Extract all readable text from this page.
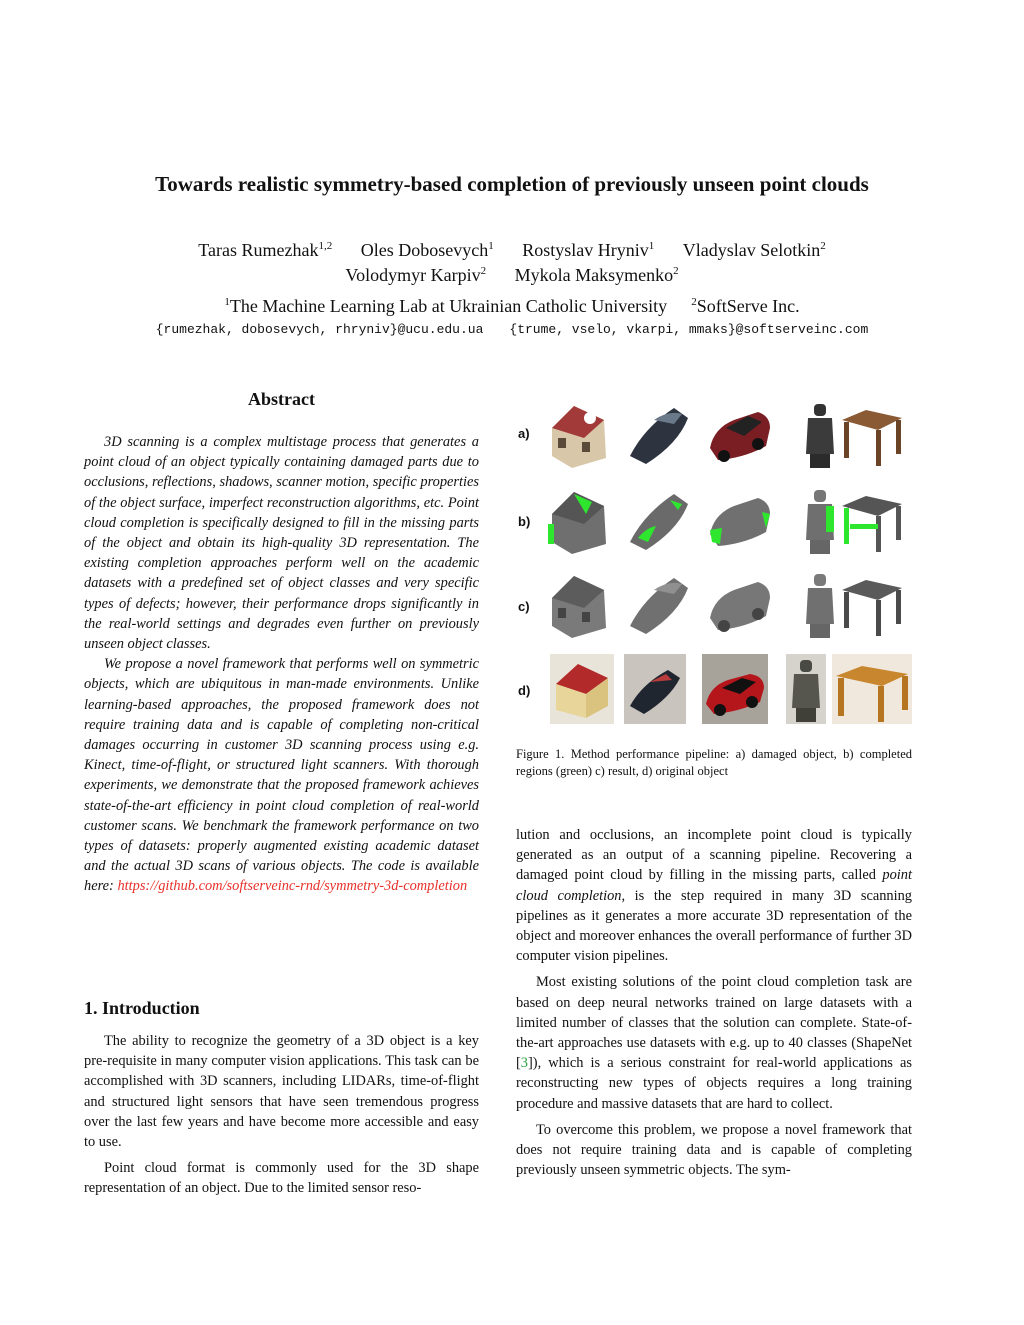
Towards realistic symmetry-based completion of previously unseen point clouds
Taras Rumezhak$^{1,2}$ Oles Dobosevych$^1$ Rostyslav Hryniv$^1$ Vladyslav Selotkin$^2$
Volodymyr Karpiv$^2$ Mykola Maksymenko$^2$
$^1$The Machine Learning Lab at Ukrainian Catholic University $^2$SoftServe Inc.
{rumezhak, dobosevych, rhryniv}@ucu.edu.ua {trume, vselo, vkarpi, mmaks}@softserveinc.com
Abstract

3D scanning is a complex multistage process that generates a point cloud of an object typically containing damaged parts due to occlusions, reflections, shadows, scanner motion, specific properties of the object surface, imperfect reconstruction algorithms, etc. Point cloud completion is specifically designed to fill in the missing parts of the object and obtain its high-quality 3D representation. The existing completion approaches perform well on the academic datasets with a predefined set of object classes and very specific types of defects; however, their performance drops significantly in the real-world settings and degrades even further on previously unseen object classes.

We propose a novel framework that performs well on symmetric objects, which are ubiquitous in man-made environments. Unlike learning-based approaches, the proposed framework does not require training data and is capable of completing non-critical damages occurring in customer 3D scanning process using e.g. Kinect, time-of-flight, or structured light scanners. With thorough experiments, we demonstrate that the proposed framework achieves state-of-the-art efficiency in point cloud completion of real-world customer scans. We benchmark the framework performance on two types of datasets: properly augmented existing academic dataset and the actual 3D scans of various objects. The code is available here: https://github.com/softserveinc-rnd/symmetry-3d-completion

1. Introduction

The ability to recognize the geometry of a 3D object is a key pre-requisite in many computer vision applications. This task can be accomplished with 3D scanners, including LIDARs, time-of-flight and structured light sensors that have seen tremendous progress over the last few years and have become more accessible and easy to use.

Point cloud format is commonly used for the 3D shape representation of an object. Due to the limited sensor reso-

a)
b)
c)
d)
Figure 1. Method performance pipeline: a) damaged object, b) completed regions (green) c) result, d) original object

lution and occlusions, an incomplete point cloud is typically generated as an output of a scanning pipeline. Recovering a damaged point cloud by filling in the missing parts, called point cloud completion, is the step required in many 3D scanning pipelines as it generates a more accurate 3D representation of the object and moreover enhances the overall performance of further 3D computer vision pipelines.

Most existing solutions of the point cloud completion task are based on deep neural networks trained on large datasets with a limited number of classes that the solution can complete. State-of-the-art approaches use datasets with e.g. up to 40 classes (ShapeNet [3]), which is a serious constraint for real-world applications as reconstructing new types of objects requires a long training procedure and massive datasets that are hard to collect.

To overcome this problem, we propose a novel framework that does not require training data and is capable of completing previously unseen symmetric objects. The sym-
